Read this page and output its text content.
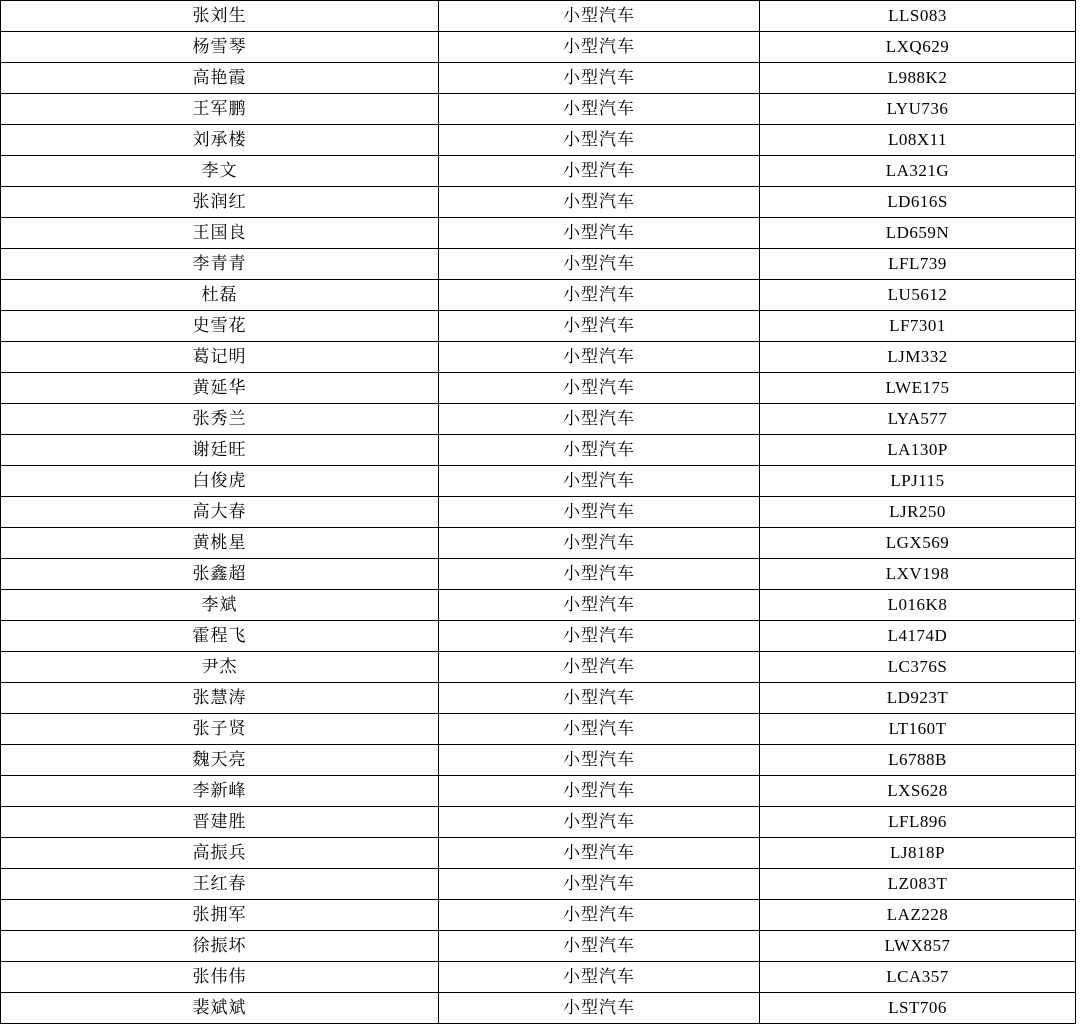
张刘生	小型汽车	LLS083
杨雪琴	小型汽车	LXQ629
高艳霞	小型汽车	L988K2
王军鹏	小型汽车	LYU736
刘承楼	小型汽车	L08X11
李文	小型汽车	LA321G
张润红	小型汽车	LD616S
王国良	小型汽车	LD659N
李青青	小型汽车	LFL739
杜磊	小型汽车	LU5612
史雪花	小型汽车	LF7301
葛记明	小型汽车	LJM332
黄延华	小型汽车	LWE175
张秀兰	小型汽车	LYA577
谢廷旺	小型汽车	LA130P
白俊虎	小型汽车	LPJ115
高大春	小型汽车	LJR250
黄桃星	小型汽车	LGX569
张鑫超	小型汽车	LXV198
李斌	小型汽车	L016K8
霍程飞	小型汽车	L4174D
尹杰	小型汽车	LC376S
张慧涛	小型汽车	LD923T
张子贤	小型汽车	LT160T
魏天亮	小型汽车	L6788B
李新峰	小型汽车	LXS628
晋建胜	小型汽车	LFL896
高振兵	小型汽车	LJ818P
王红春	小型汽车	LZ083T
张拥军	小型汽车	LAZ228
徐振坏	小型汽车	LWX857
张伟伟	小型汽车	LCA357
裴斌斌	小型汽车	LST706
